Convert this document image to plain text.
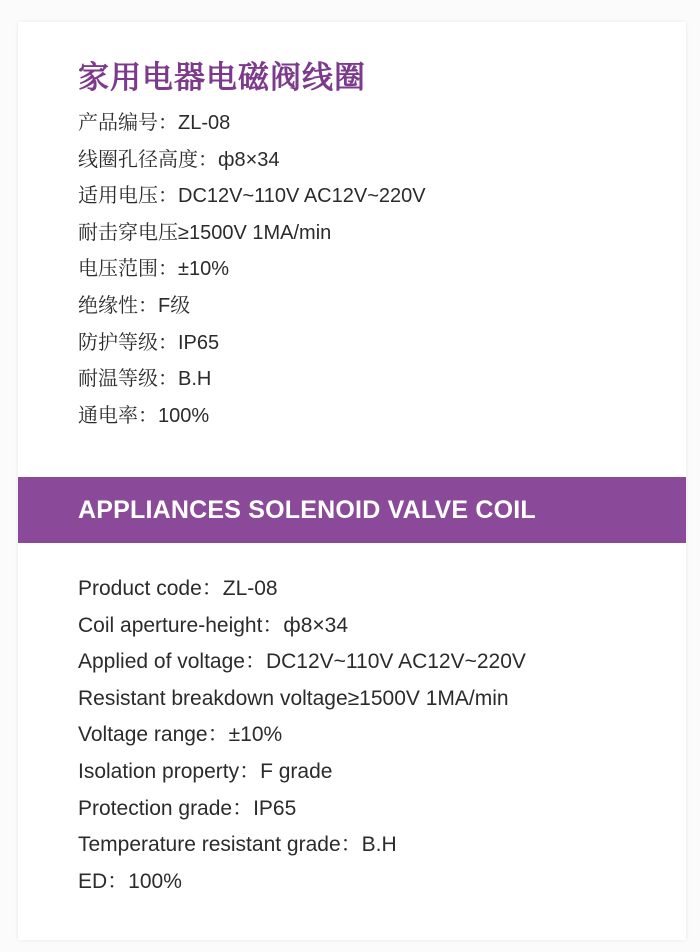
家用电器电磁阀线圈
产品编号：ZL-08
线圈孔径高度：ф8×34
适用电压：DC12V~110V AC12V~220V
耐击穿电压≥1500V 1MA/min
电压范围：±10%
绝缘性：F级
防护等级：IP65
耐温等级：B.H
通电率：100%
APPLIANCES SOLENOID VALVE COIL
Product code：ZL-08
Coil aperture-height：ф8×34
Applied of voltage：DC12V~110V AC12V~220V
Resistant breakdown voltage≥1500V 1MA/min
Voltage range：±10%
Isolation property：F grade
Protection grade：IP65
Temperature resistant grade：B.H
ED：100%
